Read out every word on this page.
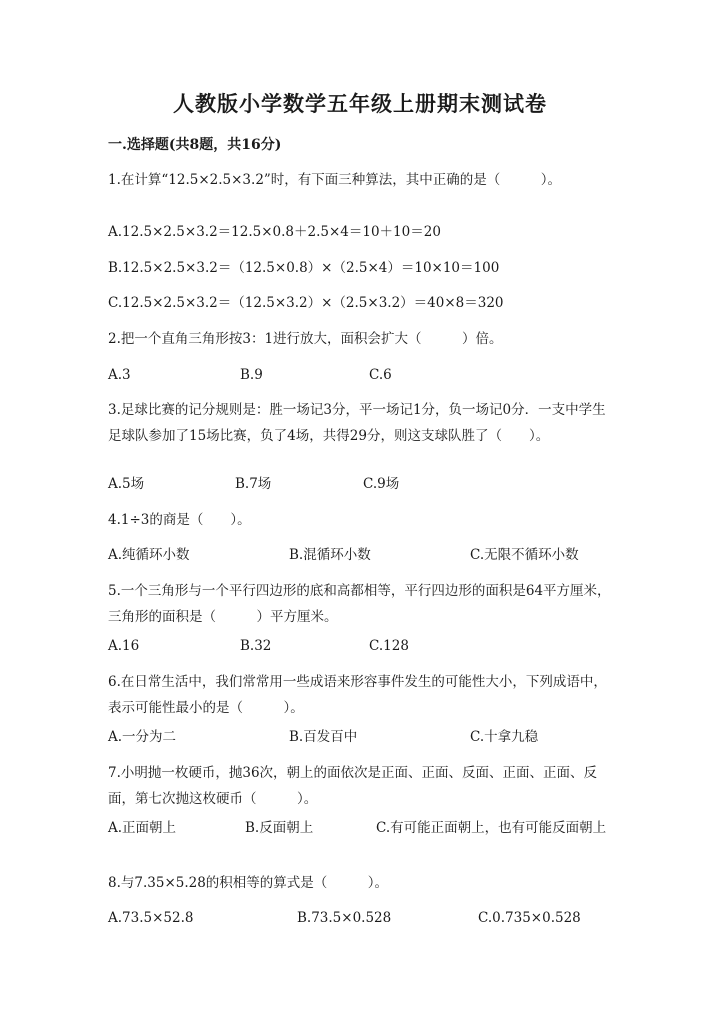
人教版小学数学五年级上册期末测试卷
一.选择题(共8题，共16分)
1.在计算“12.5×2.5×3.2”时，有下面三种算法，其中正确的是（　　　）。
A.12.5×2.5×3.2＝12.5×0.8＋2.5×4＝10＋10＝20
B.12.5×2.5×3.2＝（12.5×0.8）×（2.5×4）＝10×10＝100
C.12.5×2.5×3.2＝（12.5×3.2）×（2.5×3.2）＝40×8＝320
2.把一个直角三角形按3：1进行放大，面积会扩大（　　　）倍。
A.3	B.9	C.6
3.足球比赛的记分规则是：胜一场记3分，平一场记1分，负一场记0分．一支中学生足球队参加了15场比赛，负了4场，共得29分，则这支球队胜了（　　）。
A.5场	B.7场	C.9场
4.1÷3的商是（　　）。
A.纯循环小数	B.混循环小数	C.无限不循环小数
5.一个三角形与一个平行四边形的底和高都相等，平行四边形的面积是64平方厘米，三角形的面积是（　　　）平方厘米。
A.16	B.32	C.128
6.在日常生活中，我们常常用一些成语来形容事件发生的可能性大小，下列成语中，表示可能性最小的是（　　　）。
A.一分为二	B.百发百中	C.十拿九稳
7.小明抛一枚硬币，抛36次，朝上的面依次是正面、正面、反面、正面、正面、反面，第七次抛这枚硬币（　　　）。
A.正面朝上	B.反面朝上	C.有可能正面朝上，也有可能反面朝上
8.与7.35×5.28的积相等的算式是（　　　）。
A.73.5×52.8	B.73.5×0.528	C.0.735×0.528
